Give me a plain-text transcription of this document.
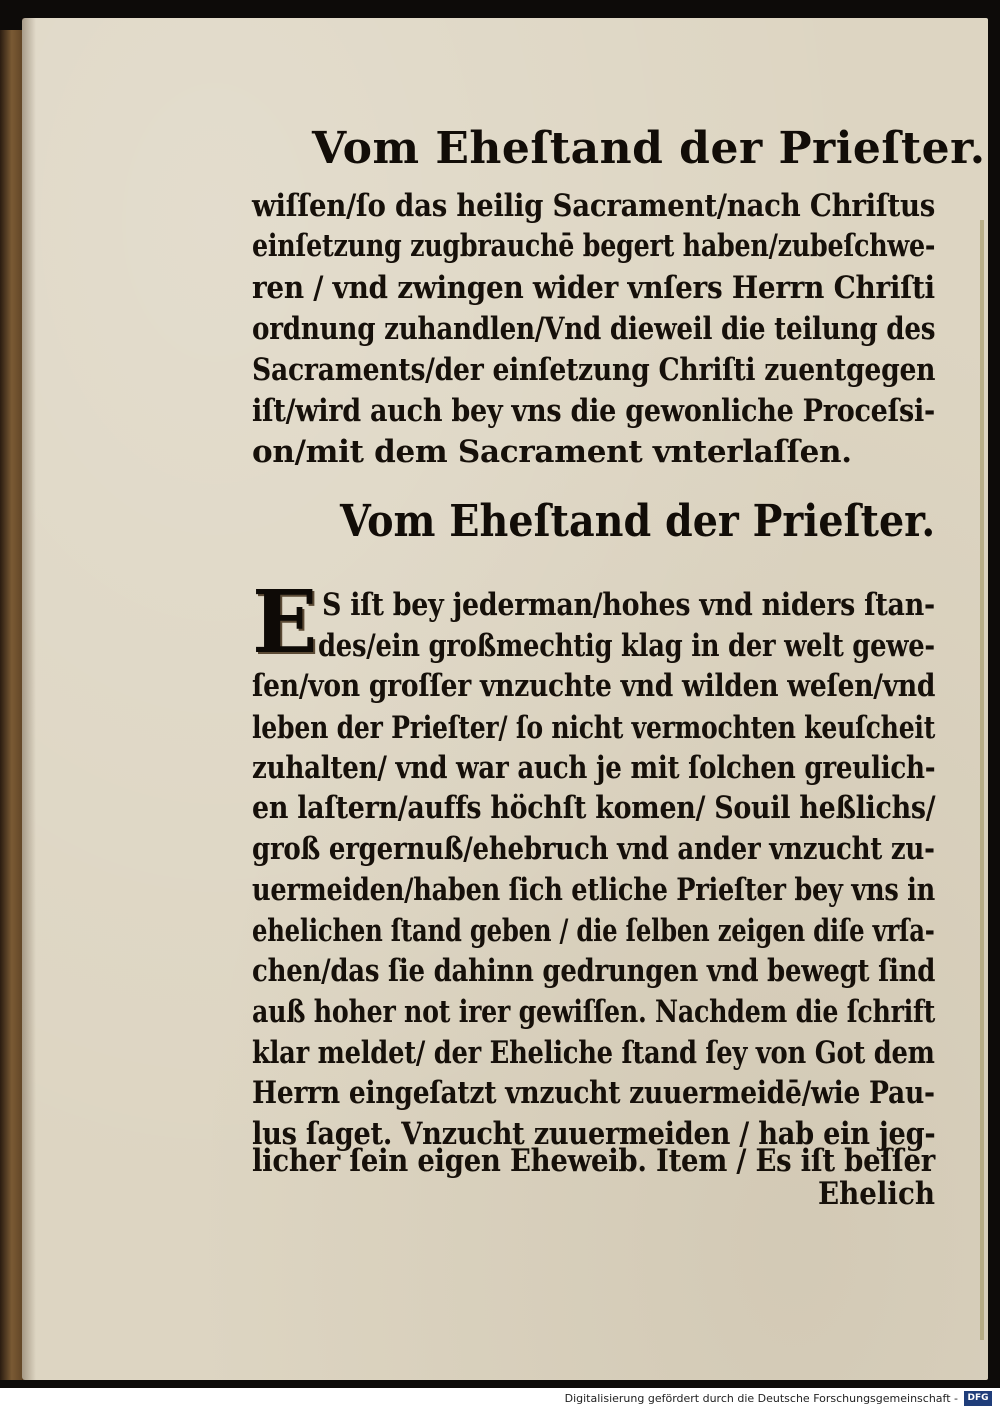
Vom Eheſtand der Prieſter.
wiſſen/ſo das heilig Sacrament/nach Chriſtus
einſetzung zugbrauchē begert haben/zubeſchwe-
ren / vnd zwingen wider vnſers Herrn Chriſti
ordnung zuhandlen/Vnd dieweil die teilung des
Sacraments/der einſetzung Chriſti zuentgegen
iſt/wird auch bey vns die gewonliche Proceſsi-
on/mit dem Sacrament vnterlaſſen.
Vom Eheſtand der Prieſter.
E S iſt bey jederman/hohes vnd niders ſtan-
des/ein großmechtig klag in der welt gewe-
ſen/von groſſer vnzuchte vnd wilden weſen/vnd
leben der Prieſter/ ſo nicht vermochten keuſcheit
zuhalten/ vnd war auch je mit ſolchen greulich-
en laſtern/auffs höchſt komen/ Souil heßlichs/
groß ergernuß/ehebruch vnd ander vnzucht zu-
uermeiden/haben ſich etliche Prieſter bey vns in
ehelichen ſtand geben / die ſelben zeigen diſe vrſa-
chen/das ſie dahinn gedrungen vnd bewegt ſind
auß hoher not irer gewiſſen. Nachdem die ſchrift
klar meldet/ der Eheliche ſtand ſey von Got dem
Herrn eingeſatzt vnzucht zuuermeidē/wie Pau-
lus ſaget. Vnzucht zuuermeiden / hab ein jeg-
licher ſein eigen Eheweib. Item / Es iſt beſſer
Ehelich
Digitalisierung gefördert durch die Deutsche Forschungsgemeinschaft -	DFG
